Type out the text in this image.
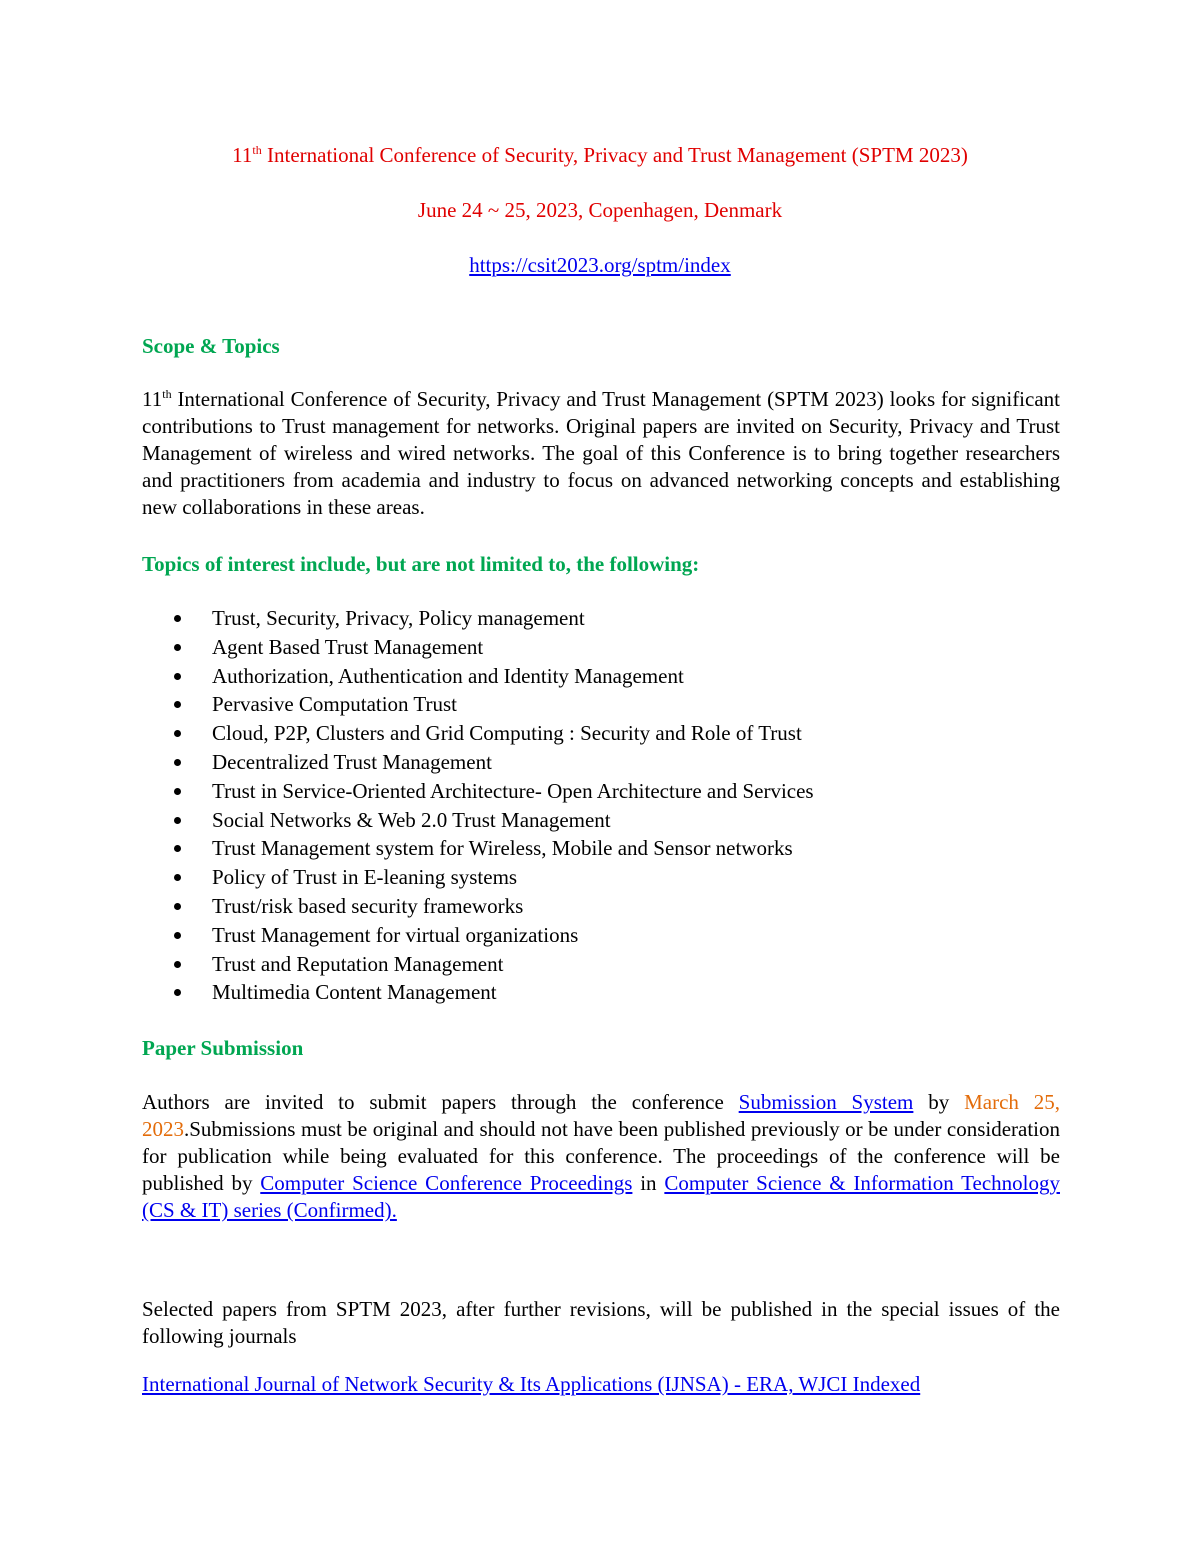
11th International Conference of Security, Privacy and Trust Management (SPTM 2023)
June 24 ~ 25, 2023, Copenhagen, Denmark
https://csit2023.org/sptm/index
Scope & Topics
11th International Conference of Security, Privacy and Trust Management (SPTM 2023) looks for significant contributions to Trust management for networks. Original papers are invited on Security, Privacy and Trust Management of wireless and wired networks. The goal of this Conference is to bring together researchers and practitioners from academia and industry to focus on advanced networking concepts and establishing new collaborations in these areas.
Topics of interest include, but are not limited to, the following:
Trust, Security, Privacy, Policy management
Agent Based Trust Management
Authorization, Authentication and Identity Management
Pervasive Computation Trust
Cloud, P2P, Clusters and Grid Computing : Security and Role of Trust
Decentralized Trust Management
Trust in Service-Oriented Architecture- Open Architecture and Services
Social Networks & Web 2.0 Trust Management
Trust Management system for Wireless, Mobile and Sensor networks
Policy of Trust in E-leaning systems
Trust/risk based security frameworks
Trust Management for virtual organizations
Trust and Reputation Management
Multimedia Content Management
Paper Submission
Authors are invited to submit papers through the conference Submission System by March 25, 2023.Submissions must be original and should not have been published previously or be under consideration for publication while being evaluated for this conference. The proceedings of the conference will be published by Computer Science Conference Proceedings in Computer Science & Information Technology (CS & IT) series (Confirmed).
Selected papers from SPTM 2023, after further revisions, will be published in the special issues of the following journals
International Journal of Network Security & Its Applications (IJNSA) - ERA, WJCI Indexed
